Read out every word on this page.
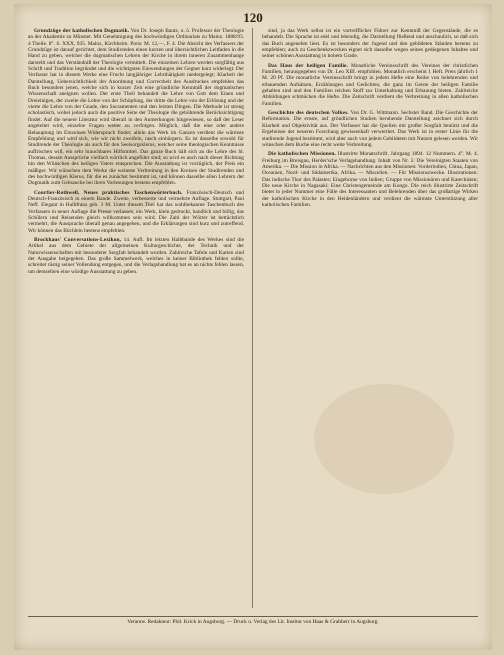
120

Grundzüge der katholischen Dogmatik. Von Dr. Joseph Bautz, o. ö. Professor der Theologie an der Akademie zu Münster. Mit Genehmigung des hochwürdigen Ordinariats zu Mainz. 1888/93. 4 Theile. 8°. S. XXX, 935. Mainz, Kirchheim. Preis: M. 12,—, F. 4. Die Absicht des Verfassers der Grundzüge ist darauf gerichtet, dem Studirenden einen kurzen und übersichtlichen Leitfaden in die Hand zu geben, welcher die dogmatischen Lehren der Kirche in ihrem inneren Zusammenhange darstellt und das Verständniß der Theologie vermittelt. Die einzelnen Lehren werden sorgfältig aus Schrift und Tradition begründet und die wichtigsten Einwendungen der Gegner kurz widerlegt. Der Verfasser hat in diesem Werke eine Frucht langjähriger Lehrthätigkeit niedergelegt; Klarheit der Darstellung, Uebersichtlichkeit der Anordnung und Correctheit des Ausdruckes empfehlen das Buch besonders jenen, welche sich in kurzer Zeit eine gründliche Kenntniß der dogmatischen Wissenschaft aneignen wollen. Der erste Theil behandelt die Lehre von Gott dem Einen und Dreieinigen, der zweite die Lehre von der Schöpfung, der dritte die Lehre von der Erlösung und der vierte die Lehre von der Gnade, den Sacramenten und den letzten Dingen. Die Methode ist streng scholastisch, wobei jedoch auch die positive Seite der Theologie die gebührende Berücksichtigung findet. Auf die neuere Literatur wird überall in den Anmerkungen hingewiesen, so daß der Leser angeleitet wird, einzelne Fragen weiter zu verfolgen. Möglich, daß die eine oder andere Behauptung im Einzelnen Widerspruch findet; allein das Werk im Ganzen verdient die wärmste Empfehlung und wird sich, wie wir nicht zweifeln, rasch einbürgern. Es ist dasselbe sowohl für Studirende der Theologie als auch für den Seelsorgsklerus, welcher seine theologischen Kenntnisse auffrischen will, ein sehr brauchbares Hilfsmittel. Das ganze Buch hält sich an die Lehre des hl. Thomas, dessen Aussprüche vielfach wörtlich angeführt sind; so wird es auch nach dieser Richtung hin den Wünschen des heiligen Vaters entsprechen. Die Ausstattung ist vorzüglich, der Preis ein mäßiger. Wir wünschen dem Werke die weiteste Verbreitung in den Kreisen der Studirenden und des hochwürdigen Klerus, für die es zunächst bestimmt ist, und können dasselbe allen Lehrern der Dogmatik zum Gebrauche bei ihren Vorlesungen bestens empfehlen.

Courfier-Rothwell, Neues praktisches Taschenwörterbuch. Französisch-Deutsch und Deutsch-Französisch in einem Bande. Zweite, verbesserte und vermehrte Auflage. Stuttgart, Paul Neff. Elegant in Halbfranz geb. 3 M. Unter diesem Titel hat das wohlbekannte Taschenbuch des Verfassers in neuer Auflage die Presse verlassen, ein Werk, klein gedruckt, handlich und billig, das Schülern und Reisenden gleich willkommen sein wird. Die Zahl der Wörter ist beträchtlich vermehrt, die Aussprache überall genau angegeben, und die Erklärungen sind kurz und zutreffend. Wir können das Büchlein bestens empfehlen.

Brockhaus' Conversations-Lexikon, 14. Aufl. Im letzten Halbbande des Werkes sind die Artikel aus dem Gebiete der allgemeinen Kulturgeschichte, der Technik und der Naturwissenschaften mit besonderer Sorgfalt behandelt worden. Zahlreiche Tafeln und Karten sind der Ausgabe beigegeben. Das große Sammelwerk, welches in keiner Bibliothek fehlen sollte, schreitet rüstig seiner Vollendung entgegen, und die Verlagshandlung hat es an nichts fehlen lassen, um demselben eine würdige Ausstattung zu geben.

sind, ja das Werk selbst ist ein vortrefflicher Führer zur Kenntniß der Gegenstände, die es behandelt. Die Sprache ist edel und lebendig, die Darstellung fließend und anschaulich, so daß sich das Buch angenehm liest. Es ist besonders der Jugend und den gebildeten Ständen bestens zu empfehlen; auch zu Geschenkzwecken eignet sich dasselbe wegen seines gediegenen Inhaltes und seiner schönen Ausstattung in hohem Grade.

Das Haus der heiligen Familie. Monatliche Vereinsschrift des Vereines der christlichen Familien, herausgegeben von Dr. Leo XIII. empfohlen. Monatlich erscheint 1 Heft. Preis jährlich 1 M. 20 Pf. Die monatliche Vereinsschrift bringt in jedem Hefte eine Reihe von belehrenden und erbauenden Aufsätzen, Erzählungen und Gedichten, die ganz im Geiste der heiligen Familie gehalten sind und den Familien reichen Stoff zur Unterhaltung und Erbauung bieten. Zahlreiche Abbildungen schmücken die Hefte. Die Zeitschrift verdient die Verbreitung in allen katholischen Familien.

Geschichte des deutschen Volkes. Von Dr. G. Wittmann. Sechster Band. Die Geschichte der Reformation. Die ernste, auf gründlichen Studien beruhende Darstellung zeichnet sich durch Klarheit und Objektivität aus. Der Verfasser hat die Quellen mit großer Sorgfalt benützt und die Ergebnisse der neueren Forschung gewissenhaft verwerthet. Das Werk ist in erster Linie für die studirende Jugend bestimmt, wird aber auch von jedem Gebildeten mit Nutzen gelesen werden. Wir wünschen dem Buche eine recht weite Verbreitung.

Die katholischen Missionen. Illustrirte Monatschrift. Jahrgang 1894. 12 Nummern. 4°. M. 4. Freiburg im Breisgau, Herder'sche Verlagshandlung. Inhalt von Nr. 5: Die Vereinigten Staaten von Amerika. — Die Mission in Afrika. — Nachrichten aus den Missionen: Vorderindien, China, Japan, Oceanien, Nord- und Südamerika, Afrika. — Miscellen. — Für Missionszwecke. Illustrationen: Das indische Thor des Palastes; Eingeborne von Indien; Gruppe von Missionären und Katechisten; Die neue Kirche in Nagasaki; Eine Christengemeinde am Kongo. Die reich illustrirte Zeitschrift bietet in jeder Nummer eine Fülle des Interessanten und Belehrenden über das großartige Wirken der katholischen Kirche in den Heidenländern und verdient die wärmste Unterstützung aller katholischen Familien.

Verantw. Redakteur: Phil. Krick in Augsburg. — Druck u. Verlag des Lit. Institut von Haas & Grabherr in Augsburg.
